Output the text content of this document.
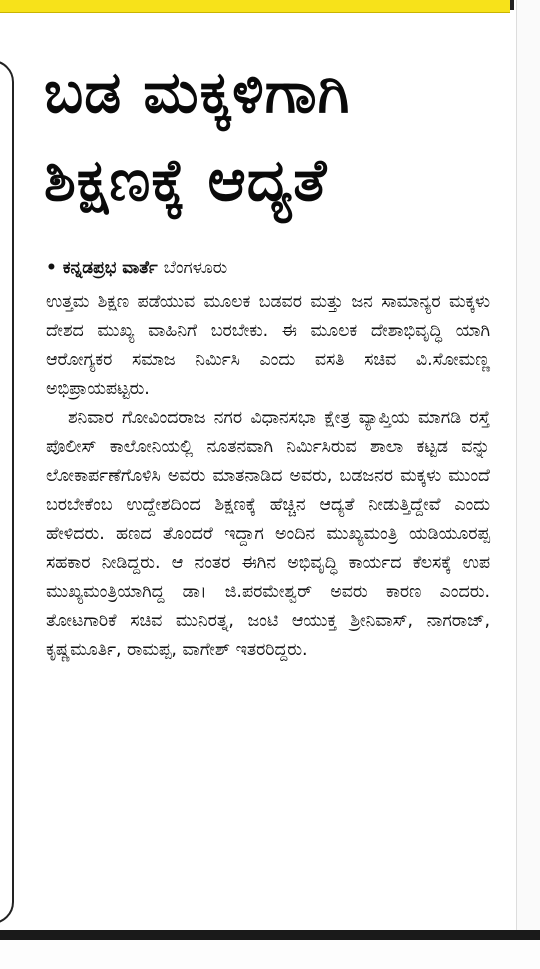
ಬಡ ಮಕ್ಕಳಿಗಾಗಿ
ಶಿಕ್ಷಣಕ್ಕೆ ಆದ್ಯತೆ
• ಕನ್ನಡಪ್ರಭ ವಾರ್ತೆ ಬೆಂಗಳೂರು

ಉತ್ತಮ ಶಿಕ್ಷಣ ಪಡೆಯುವ ಮೂಲಕ ಬಡವರ ಮತ್ತು ಜನ ಸಾಮಾನ್ಯರ ಮಕ್ಕಳು ದೇಶದ ಮುಖ್ಯ ವಾಹಿನಿಗೆ ಬರಬೇಕು. ಈ ಮೂಲಕ ದೇಶಾಭಿವೃದ್ಧಿ ಯಾಗಿ ಆರೋಗ್ಯಕರ ಸಮಾಜ ನಿರ್ಮಿಸಿ ಎಂದು ವಸತಿ ಸಚಿವ ವಿ.ಸೋಮಣ್ಣ ಅಭಿಪ್ರಾಯಪಟ್ಟರು.

ಶನಿವಾರ ಗೋವಿಂದರಾಜ ನಗರ ವಿಧಾನಸಭಾ ಕ್ಷೇತ್ರ ವ್ಯಾಪ್ತಿಯ ಮಾಗಡಿ ರಸ್ತೆ ಪೊಲೀಸ್ ಕಾಲೋನಿಯಲ್ಲಿ ನೂತನವಾಗಿ ನಿರ್ಮಿಸಿರುವ ಶಾಲಾ ಕಟ್ಟಡ ವನ್ನು ಲೋಕಾರ್ಪಣೆಗೊಳಿಸಿ ಅವರು ಮಾತನಾಡಿದ ಅವರು, ಬಡಜನರ ಮಕ್ಕಳು ಮುಂದೆ ಬರಬೇಕೆಂಬ ಉದ್ದೇಶದಿಂದ ಶಿಕ್ಷಣಕ್ಕೆ ಹೆಚ್ಚಿನ ಆದ್ಯತೆ ನೀಡುತ್ತಿದ್ದೇವೆ ಎಂದು ಹೇಳಿದರು. ಹಣದ ತೊಂದರೆ ಇದ್ದಾಗ ಅಂದಿನ ಮುಖ್ಯಮಂತ್ರಿ ಯಡಿಯೂರಪ್ಪ ಸಹಕಾರ ನೀಡಿದ್ದರು. ಆ ನಂತರ ಈಗಿನ ಅಭಿವೃದ್ಧಿ ಕಾರ್ಯದ ಕೆಲಸಕ್ಕೆ ಉಪ ಮುಖ್ಯಮಂತ್ರಿಯಾಗಿದ್ದ ಡಾ। ಜಿ.ಪರಮೇಶ್ವರ್ ಅವರು ಕಾರಣ ಎಂದರು. ತೋಟಗಾರಿಕೆ ಸಚಿವ ಮುನಿರತ್ನ, ಜಂಟಿ ಆಯುಕ್ತ ಶ್ರೀನಿವಾಸ್, ನಾಗರಾಜ್, ಕೃಷ್ಣಮೂರ್ತಿ, ರಾಮಪ್ಪ, ವಾಗೇಶ್ ಇತರರಿದ್ದರು.
